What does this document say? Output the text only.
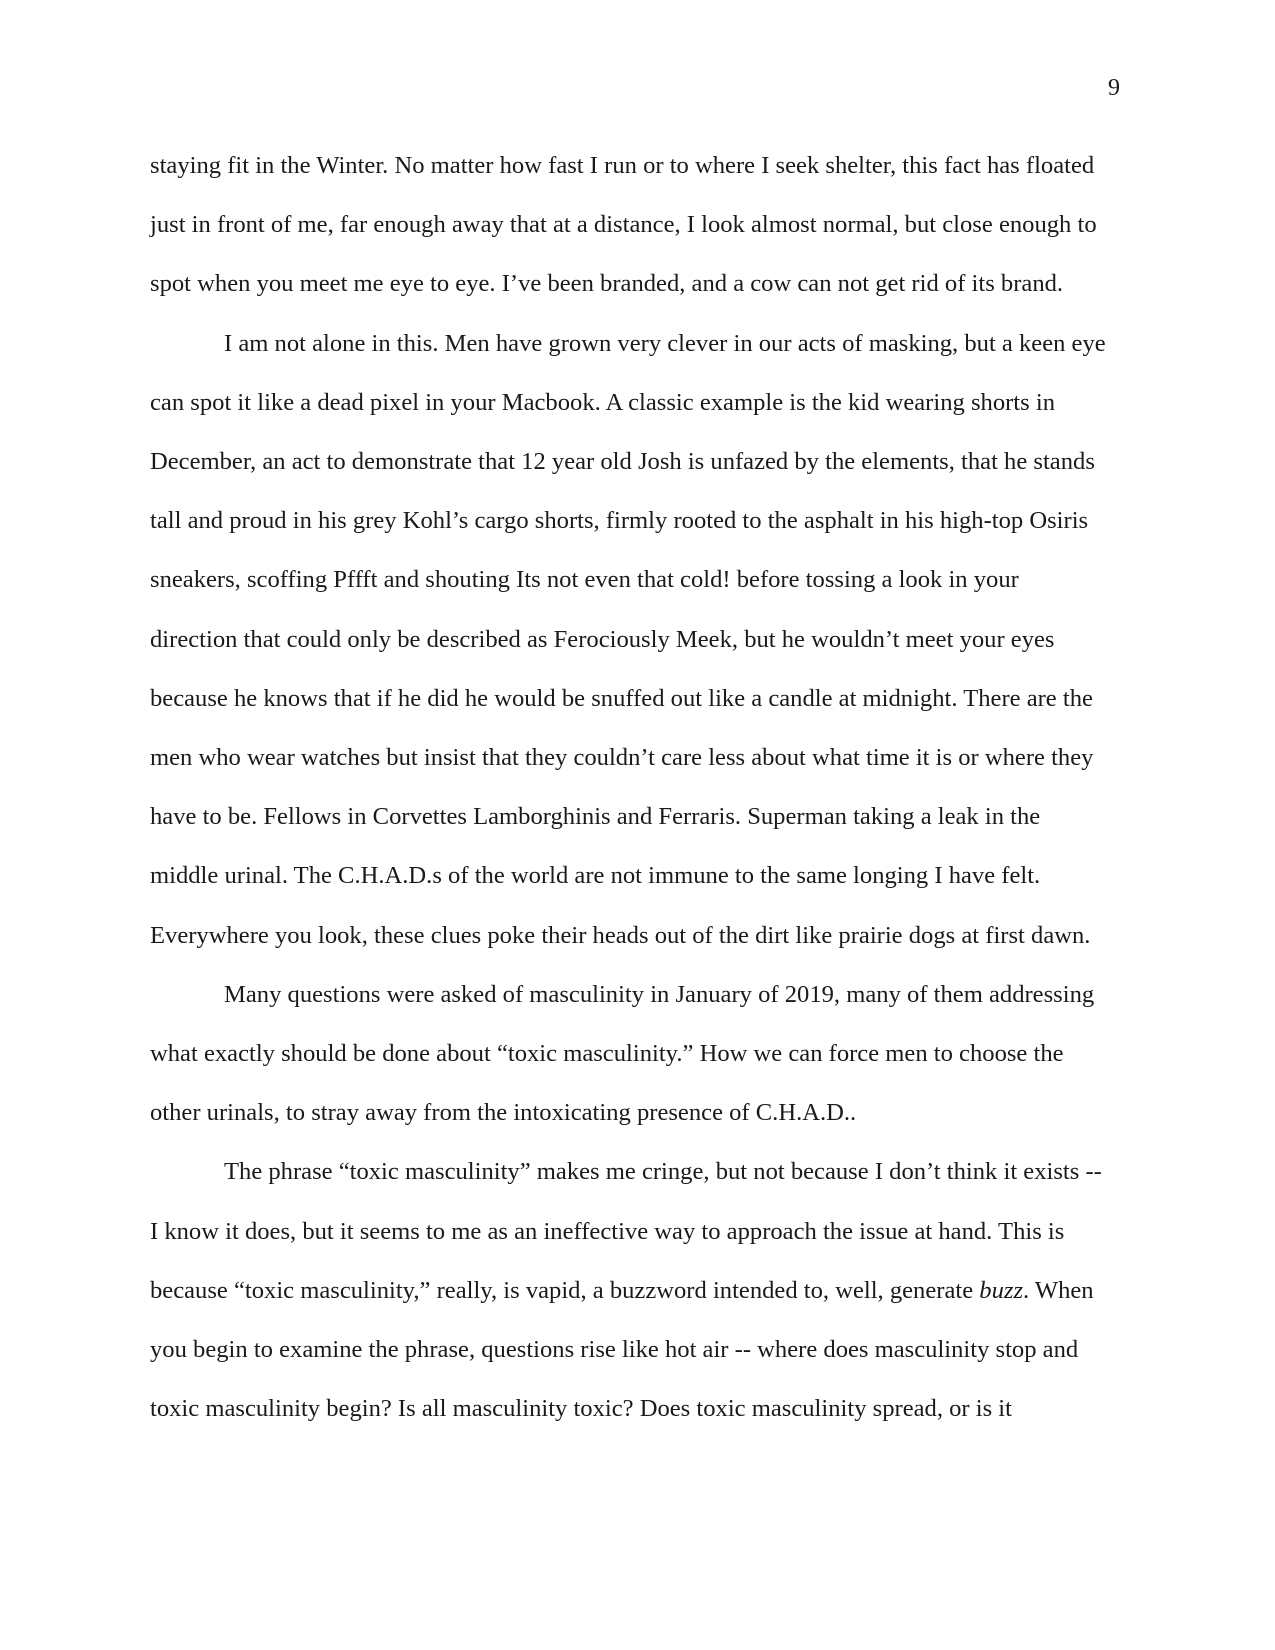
9

staying fit in the Winter. No matter how fast I run or to where I seek shelter, this fact has floated

just in front of me, far enough away that at a distance, I look almost normal, but close enough to

spot when you meet me eye to eye. I’ve been branded, and a cow can not get rid of its brand.

I am not alone in this. Men have grown very clever in our acts of masking, but a keen eye

can spot it like a dead pixel in your Macbook. A classic example is the kid wearing shorts in

December, an act to demonstrate that 12 year old Josh is unfazed by the elements, that he stands

tall and proud in his grey Kohl’s cargo shorts, firmly rooted to the asphalt in his high-top Osiris

sneakers, scoffing Pffft and shouting Its not even that cold! before tossing a look in your

direction that could only be described as Ferociously Meek, but he wouldn’t meet your eyes

because he knows that if he did he would be snuffed out like a candle at midnight. There are the

men who wear watches but insist that they couldn’t care less about what time it is or where they

have to be. Fellows in Corvettes Lamborghinis and Ferraris. Superman taking a leak in the

middle urinal. The C.H.A.D.s of the world are not immune to the same longing I have felt.

Everywhere you look, these clues poke their heads out of the dirt like prairie dogs at first dawn.

Many questions were asked of masculinity in January of 2019, many of them addressing

what exactly should be done about “toxic masculinity.” How we can force men to choose the

other urinals, to stray away from the intoxicating presence of C.H.A.D..

The phrase “toxic masculinity” makes me cringe, but not because I don’t think it exists --

I know it does, but it seems to me as an ineffective way to approach the issue at hand. This is

because “toxic masculinity,” really, is vapid, a buzzword intended to, well, generate buzz. When

you begin to examine the phrase, questions rise like hot air -- where does masculinity stop and

toxic masculinity begin? Is all masculinity toxic? Does toxic masculinity spread, or is it
